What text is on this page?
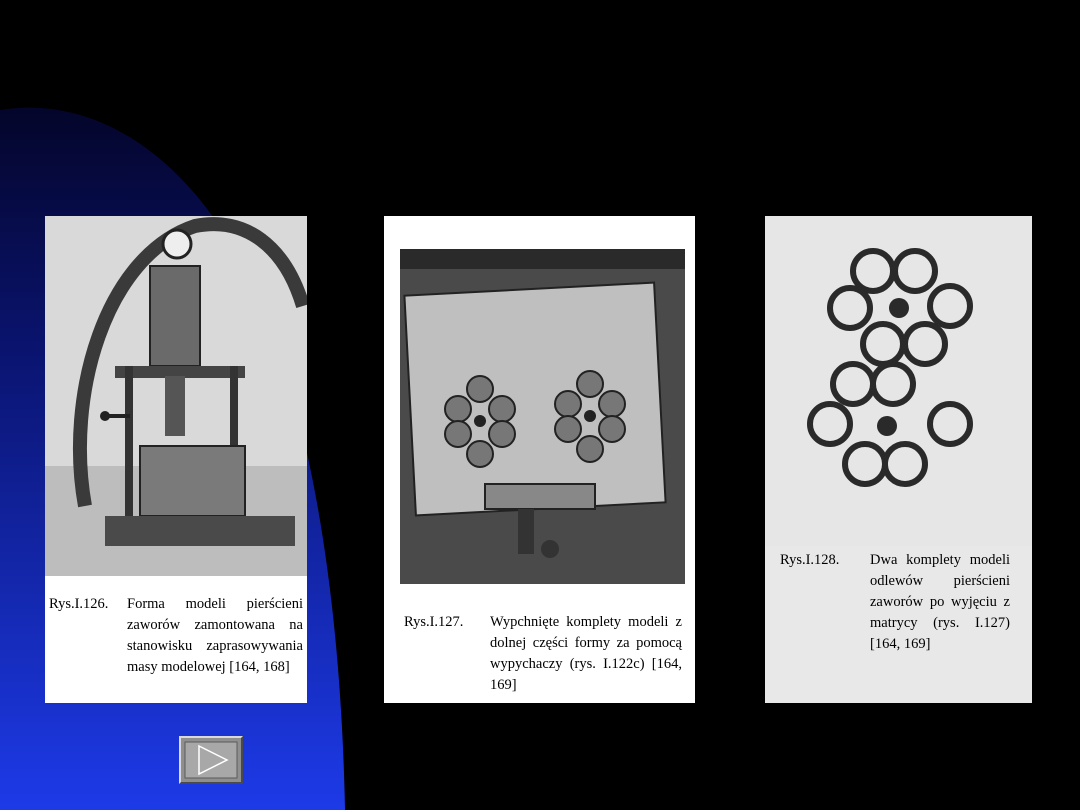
Rys.I.126.	Forma modeli pierścieni zaworów zamontowana na stanowisku zaprasowywania masy modelowej [164, 168]
Rys.I.127.	Wypchnięte komplety modeli z dolnej części formy za pomocą wypychaczy (rys. I.122c) [164, 169]
Rys.I.128.	Dwa komplety modeli odlewów pierścieni zaworów po wyjęciu z matrycy (rys. I.127) [164, 169]
